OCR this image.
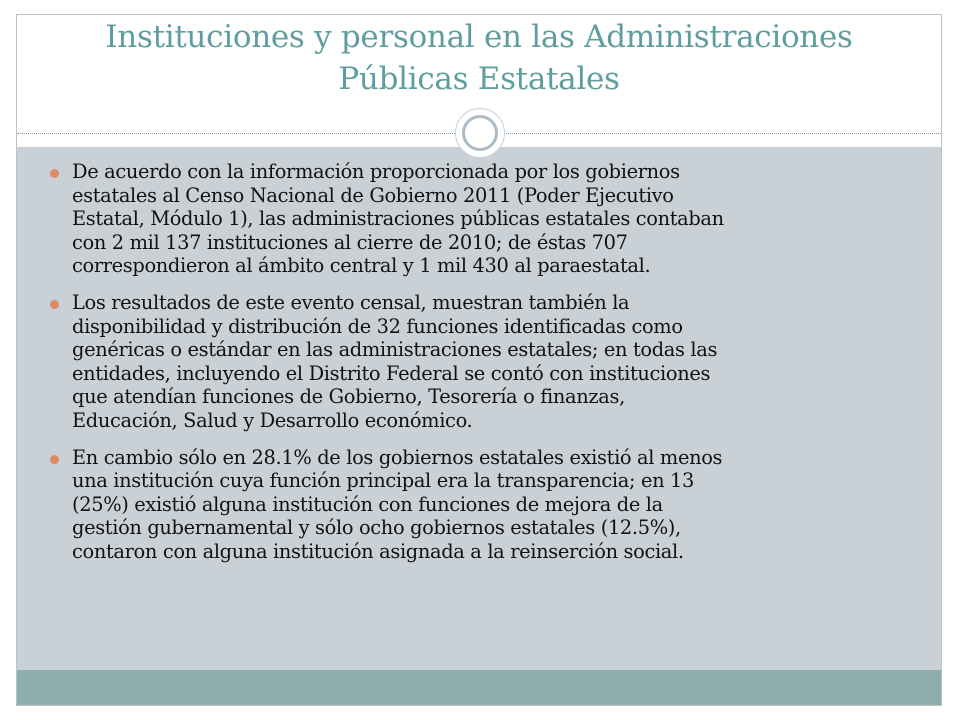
Instituciones y personal en las Administraciones
Públicas Estatales
De acuerdo con la información proporcionada por los gobiernos
estatales al Censo Nacional de Gobierno 2011 (Poder Ejecutivo
Estatal, Módulo 1), las administraciones públicas estatales contaban
con 2 mil 137 instituciones al cierre de 2010; de éstas 707
correspondieron al ámbito central y 1 mil 430 al paraestatal.
Los resultados de este evento censal, muestran también la
disponibilidad y distribución de 32 funciones identificadas como
genéricas o estándar en las administraciones estatales; en todas las
entidades, incluyendo el Distrito Federal se contó con instituciones
que atendían funciones de Gobierno, Tesorería o finanzas,
Educación, Salud y Desarrollo económico.
En cambio sólo en 28.1% de los gobiernos estatales existió al menos
una institución cuya función principal era la transparencia; en 13
(25%) existió alguna institución con funciones de mejora de la
gestión gubernamental y sólo ocho gobiernos estatales (12.5%),
contaron con alguna institución asignada a la reinserción social.
